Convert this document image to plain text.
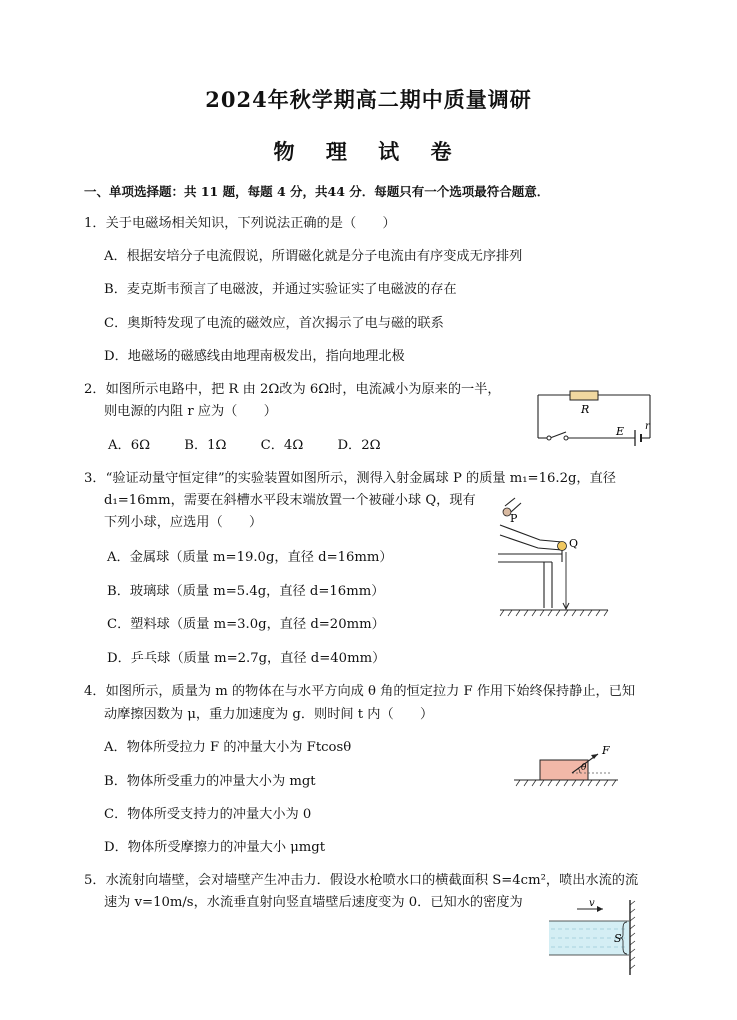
2024年秋学期高二期中质量调研
物 理 试 卷
一、单项选择题：共 11 题，每题 4 分，共44 分．每题只有一个选项最符合题意．
1．关于电磁场相关知识，下列说法正确的是（　　）
A．根据安培分子电流假说，所谓磁化就是分子电流由有序变成无序排列
B．麦克斯韦预言了电磁波，并通过实验证实了电磁波的存在
C．奥斯特发现了电流的磁效应，首次揭示了电与磁的联系
D．地磁场的磁感线由地理南极发出，指向地理北极
2．如图所示电路中，把 R 由 2Ω改为 6Ω时，电流减小为原来的一半，
则电源的内阻 r 应为（　　）
A．6Ω	B．1Ω	C．4Ω	D．2Ω
R
E r
3．“验证动量守恒定律”的实验装置如图所示，测得入射金属球 P 的质量 m₁=16.2g，直径
d₁=16mm，需要在斜槽水平段末端放置一个被碰小球 Q，现有
下列小球，应选用（　　）
A．金属球（质量 m=19.0g，直径 d=16mm）
B．玻璃球（质量 m=5.4g，直径 d=16mm）
C．塑料球（质量 m=3.0g，直径 d=20mm）
D．乒乓球（质量 m=2.7g，直径 d=40mm）
P
Q
4．如图所示，质量为 m 的物体在与水平方向成 θ 角的恒定拉力 F 作用下始终保持静止，已知
动摩擦因数为 μ，重力加速度为 g．则时间 t 内（　　）
A．物体所受拉力 F 的冲量大小为 Ftcosθ
B．物体所受重力的冲量大小为 mgt
C．物体所受支持力的冲量大小为 0
D．物体所受摩擦力的冲量大小 μmgt
F
θ
5．水流射向墙壁，会对墙壁产生冲击力．假设水枪喷水口的横截面积 S=4cm²，喷出水流的流
速为 v=10m/s，水流垂直射向竖直墙壁后速度变为 0．已知水的密度为	v
S
